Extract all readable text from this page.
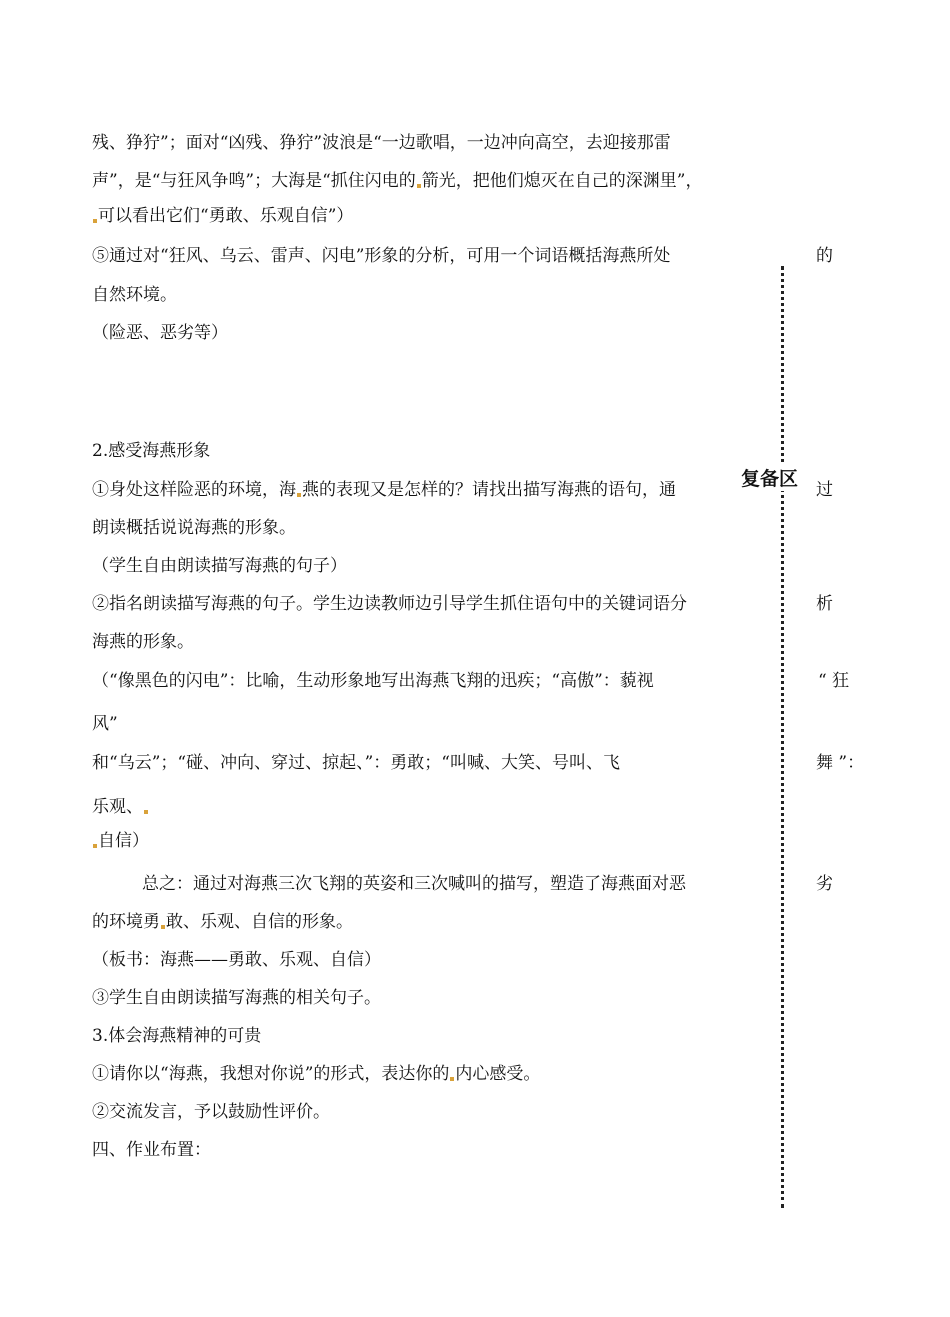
残、狰狞”；面对“凶残、狰狞”波浪是“一边歌唱，一边冲向高空，去迎接那雷
声”，是“与狂风争鸣”；大海是“抓住闪电的 箭光，把他们熄灭在自己的深渊里”，
可以看出它们“勇敢、乐观自信”）
⑤通过对“狂风、乌云、雷声、闪电”形象的分析，可用一个词语概括海燕所处
自然环境。
（险恶、恶劣等）
2.感受海燕形象
①身处这样险恶的环境，海 燕的表现又是怎样的？请找出描写海燕的语句，通
朗读概括说说海燕的形象。
（学生自由朗读描写海燕的句子）
②指名朗读描写海燕的句子。学生边读教师边引导学生抓住语句中的关键词语分
海燕的形象。
（“像黑色的闪电”：比喻，生动形象地写出海燕飞翔的迅疾；“高傲”：藐视
风”
和“乌云”；“碰、冲向、穿过、掠起、”：勇敢；“叫喊、大笑、号叫、飞
乐观、
自信）
总之：通过对海燕三次飞翔的英姿和三次喊叫的描写，塑造了海燕面对恶
的环境勇 敢、乐观、自信的形象。
（板书：海燕——勇敢、乐观、自信）
③学生自由朗读描写海燕的相关句子。
3.体会海燕精神的可贵
①请你以“海燕，我想对你说”的形式，表达你的 内心感受。
②交流发言，予以鼓励性评价。
四、作业布置：
复备区
的
过
析
“ 狂
舞 ”：
劣
